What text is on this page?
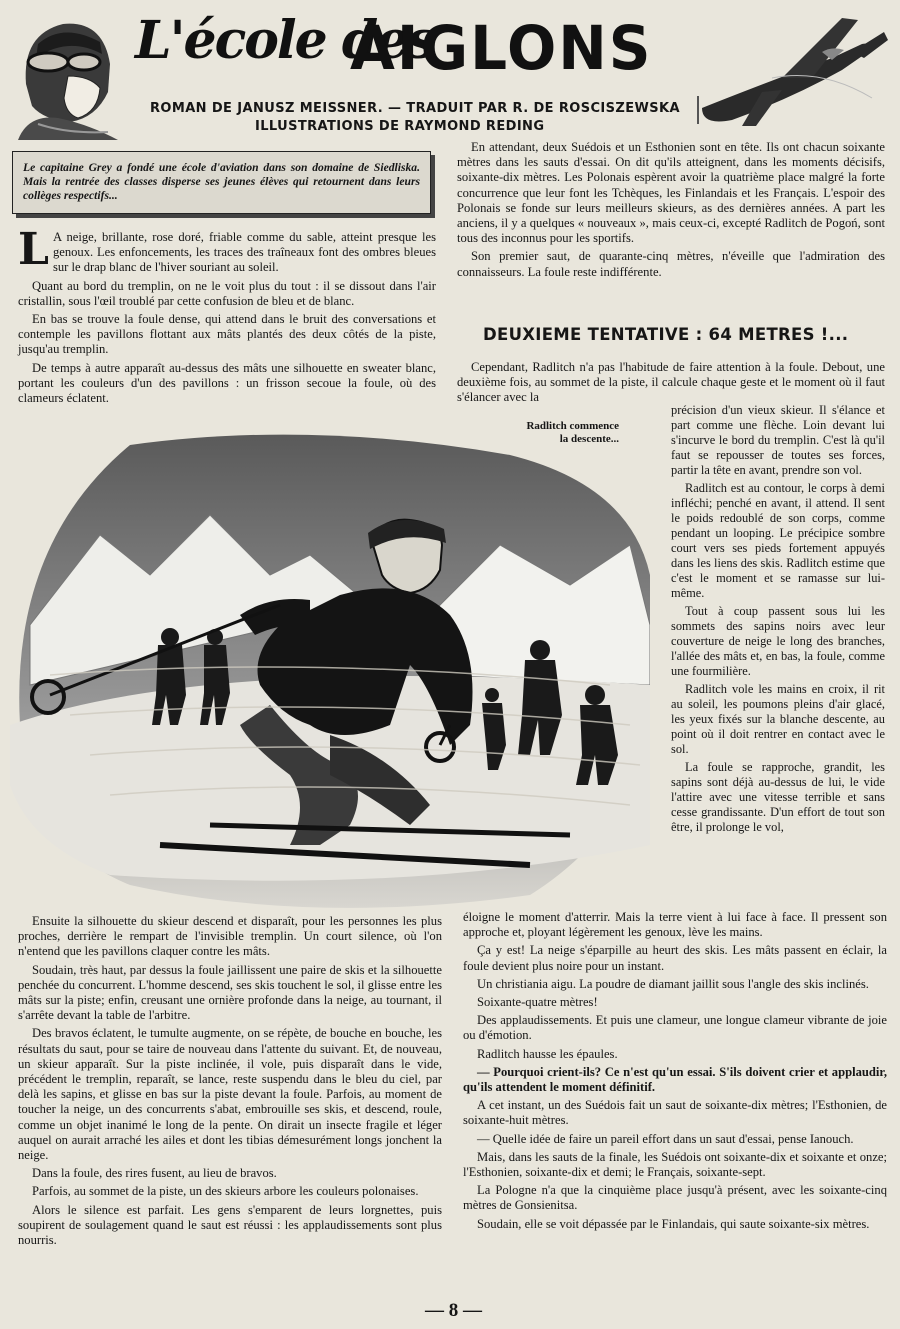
L'école des
AIGLONS
ROMAN DE JANUSZ MEISSNER. — TRADUIT PAR R. DE ROSCISZEWSKA
ILLUSTRATIONS DE RAYMOND REDING
Le capitaine Grey a fondé une école d'aviation dans son domaine de Siedliska. Mais la rentrée des classes disperse ses jeunes élèves qui retournent dans leurs collèges respectifs...

L A neige, brillante, rose doré, friable comme du sable, atteint presque les genoux. Les enfoncements, les traces des traîneaux font des ombres bleues sur le drap blanc de l'hiver souriant au soleil.

Quant au bord du tremplin, on ne le voit plus du tout : il se dissout dans l'air cristallin, sous l'œil troublé par cette confusion de bleu et de blanc.

En bas se trouve la foule dense, qui attend dans le bruit des conversations et contemple les pavillons flottant aux mâts plantés des deux côtés de la piste, jusqu'au tremplin.

De temps à autre apparaît au-dessus des mâts une silhouette en sweater blanc, portant les couleurs d'un des pavillons : un frisson secoue la foule, où des clameurs éclatent.

En attendant, deux Suédois et un Esthonien sont en tête. Ils ont chacun soixante mètres dans les sauts d'essai. On dit qu'ils atteignent, dans les moments décisifs, soixante-dix mètres. Les Polonais espèrent avoir la quatrième place malgré la forte concurrence que leur font les Tchèques, les Finlandais et les Français. L'espoir des Polonais se fonde sur leurs meilleurs skieurs, as des dernières années. A part les anciens, il y a quelques « nouveaux », mais ceux-ci, excepté Radlitch de Pogoń, sont tous des inconnus pour les sportifs.

Son premier saut, de quarante-cinq mètres, n'éveille que l'admiration des connaisseurs. La foule reste indifférente.

DEUXIEME TENTATIVE : 64 METRES !...

Cependant, Radlitch n'a pas l'habitude de faire attention à la foule. Debout, une deuxième fois, au sommet de la piste, il calcule chaque geste et le moment où il faut s'élancer avec la

Radlitch commence la descente...

précision d'un vieux skieur. Il s'élance et part comme une flèche. Loin devant lui s'incurve le bord du tremplin. C'est là qu'il faut se repousser de toutes ses forces, partir la tête en avant, prendre son vol.

Radlitch est au contour, le corps à demi infléchi; penché en avant, il attend. Il sent le poids redoublé de son corps, comme pendant un looping. Le précipice sombre court vers ses pieds fortement appuyés dans les liens des skis. Radlitch estime que c'est le moment et se ramasse sur lui-même.

Tout à coup passent sous lui les sommets des sapins noirs avec leur couverture de neige le long des branches, l'allée des mâts et, en bas, la foule, comme une fourmilière.

Radlitch vole les mains en croix, il rit au soleil, les poumons pleins d'air glacé, les yeux fixés sur la blanche descente, au point où il doit rentrer en contact avec le sol.

La foule se rapproche, grandit, les sapins sont déjà au-dessus de lui, le vide l'attire avec une vitesse terrible et sans cesse grandissante. D'un effort de tout son être, il prolonge le vol,

Ensuite la silhouette du skieur descend et disparaît, pour les personnes les plus proches, derrière le rempart de l'invisible tremplin. Un court silence, où l'on n'entend que les pavillons claquer contre les mâts.

Soudain, très haut, par dessus la foule jaillissent une paire de skis et la silhouette penchée du concurrent. L'homme descend, ses skis touchent le sol, il glisse entre les mâts sur la piste; enfin, creusant une ornière profonde dans la neige, au tournant, il s'arrête devant la table de l'arbitre.

Des bravos éclatent, le tumulte augmente, on se répète, de bouche en bouche, les résultats du saut, pour se taire de nouveau dans l'attente du suivant. Et, de nouveau, un skieur apparaît. Sur la piste inclinée, il vole, puis disparaît dans le vide, précédent le tremplin, reparaît, se lance, reste suspendu dans le bleu du ciel, par delà les sapins, et glisse en bas sur la piste devant la foule. Parfois, au moment de toucher la neige, un des concurrents s'abat, embrouille ses skis, et descend, roule, comme un objet inanimé le long de la pente. On dirait un insecte fragile et léger auquel on aurait arraché les ailes et dont les tibias démesurément longs jonchent la neige.

Dans la foule, des rires fusent, au lieu de bravos.

Parfois, au sommet de la piste, un des skieurs arbore les couleurs polonaises.

Alors le silence est parfait. Les gens s'emparent de leurs lorgnettes, puis soupirent de soulagement quand le saut est réussi : les applaudissements sont plus nourris.

éloigne le moment d'atterrir. Mais la terre vient à lui face à face. Il pressent son approche et, ployant légèrement les genoux, lève les mains.

Ça y est! La neige s'éparpille au heurt des skis. Les mâts passent en éclair, la foule devient plus noire pour un instant.

Un christiania aigu. La poudre de diamant jaillit sous l'angle des skis inclinés.

Soixante-quatre mètres!

Des applaudissements. Et puis une clameur, une longue clameur vibrante de joie ou d'émotion.

Radlitch hausse les épaules.

— Pourquoi crient-ils? Ce n'est qu'un essai. S'ils doivent crier et applaudir, qu'ils attendent le moment définitif.

A cet instant, un des Suédois fait un saut de soixante-dix mètres; l'Esthonien, de soixante-huit mètres.

— Quelle idée de faire un pareil effort dans un saut d'essai, pense Ianouch.

Mais, dans les sauts de la finale, les Suédois ont soixante-dix et soixante et onze; l'Esthonien, soixante-dix et demi; le Français, soixante-sept.

La Pologne n'a que la cinquième place jusqu'à présent, avec les soixante-cinq mètres de Gonsienitsa.

Soudain, elle se voit dépassée par le Finlandais, qui saute soixante-six mètres.

— 8 —
